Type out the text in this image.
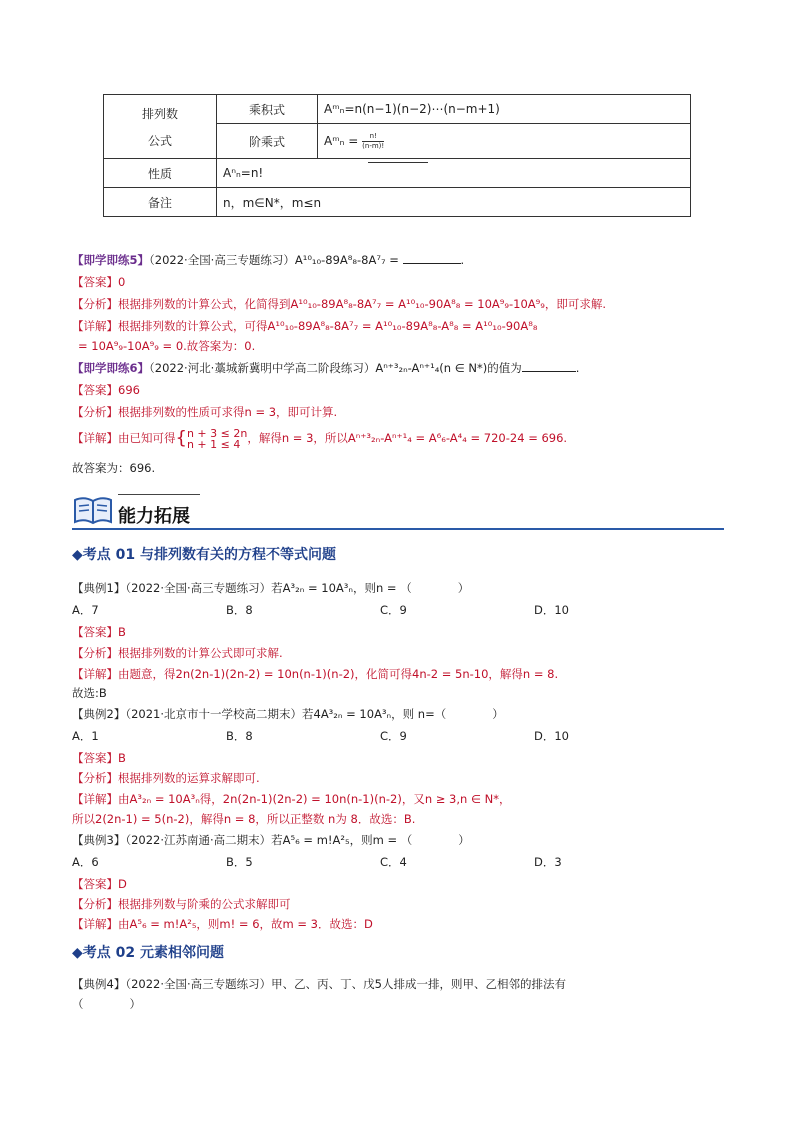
排列数
公式	乘积式	Aᵐₙ=n(n−1)(n−2)⋯(n−m+1)
	阶乘式	Aᵐₙ = $\frac{n!}{(n-m)!}$

性质	Aⁿₙ=n!	
备注	n，m∈N*，m≤n	
【即学即练5】（2022·全国·高三专题练习）A¹⁰₁₀-89A⁸₈-8A⁷₇ =	.
【答案】0
【分析】根据排列数的计算公式，化简得到A¹⁰₁₀-89A⁸₈-8A⁷₇ = A¹⁰₁₀-90A⁸₈ = 10A⁹₉-10A⁹₉，即可求解.
【详解】根据排列数的计算公式，可得A¹⁰₁₀-89A⁸₈-8A⁷₇ = A¹⁰₁₀-89A⁸₈-A⁸₈ = A¹⁰₁₀-90A⁸₈
= 10A⁹₉-10A⁹₉ = 0.故答案为：0.
【即学即练6】（2022·河北·藁城新冀明中学高二阶段练习）Aⁿ⁺³₂ₙ-Aⁿ⁺¹₄(n ∈ N*)的值为	.
【答案】696
【分析】根据排列数的性质可求得n = 3，即可计算.
【详解】由已知可得{ n + 3 ≤ 2n
n + 1 ≤ 4 ，解得n = 3，所以Aⁿ⁺³₂ₙ-Aⁿ⁺¹₄ = A⁶₆-A⁴₄ = 720-24 = 696.
故答案为：696.
能力拓展
◆考点 01 与排列数有关的方程不等式问题
【典例1】（2022·全国·高三专题练习）若A³₂ₙ = 10A³ₙ，则n = （　　　　）
A．7	B．8	C．9	D．10
【答案】B
【分析】根据排列数的计算公式即可求解.
【详解】由题意，得2n(2n-1)(2n-2) = 10n(n-1)(n-2)，化简可得4n-2 = 5n-10，解得n = 8.
故选:B
【典例2】（2021·北京市十一学校高二期末）若4A³₂ₙ = 10A³ₙ，则 n=（　　　　）
A．1	B．8	C．9	D．10
【答案】B
【分析】根据排列数的运算求解即可.
【详解】由A³₂ₙ = 10A³ₙ得，2n(2n-1)(2n-2) = 10n(n-1)(n-2)，又n ≥ 3,n ∈ N*，
所以2(2n-1) = 5(n-2)，解得n = 8，所以正整数 n为 8．故选：B.
【典例3】（2022·江苏南通·高二期末）若A⁵₆ = m!A²₅，则m = （　　　　）
A．6	B．5	C．4	D．3
【答案】D
【分析】根据排列数与阶乘的公式求解即可
【详解】由A⁵₆ = m!A²₅，则m! = 6，故m = 3．故选：D
◆考点 02 元素相邻问题
【典例4】（2022·全国·高三专题练习）甲、乙、丙、丁、戊5人排成一排，则甲、乙相邻的排法有
（　　　　）
